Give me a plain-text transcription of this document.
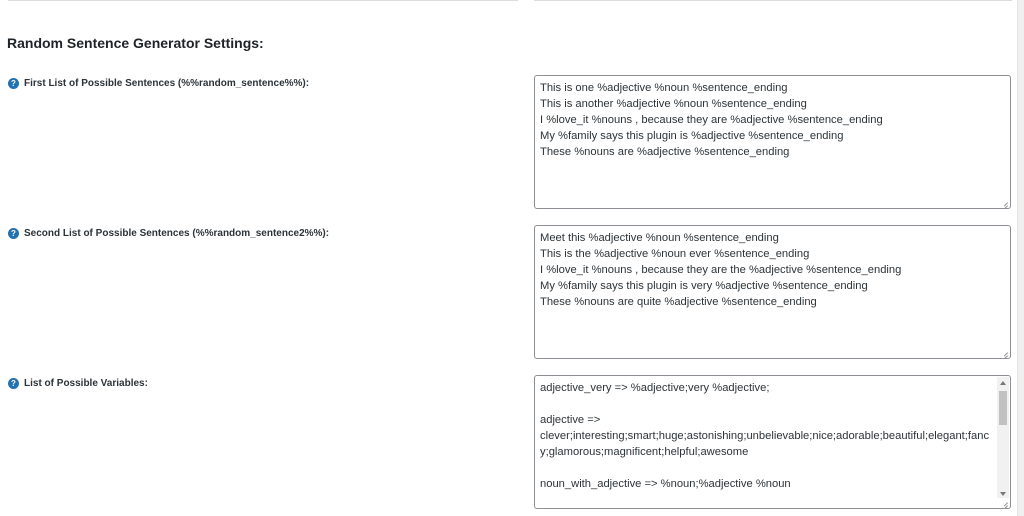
Random Sentence Generator Settings:
? First List of Possible Sentences (%%random_sentence%%):	This is one %adjective %noun %sentence_ending
This is another %adjective %noun %sentence_ending
I %love_it %nouns , because they are %adjective %sentence_ending
My %family says this plugin is %adjective %sentence_ending
These %nouns are %adjective %sentence_ending
? Second List of Possible Sentences (%%random_sentence2%%):	Meet this %adjective %noun %sentence_ending
This is the %adjective %noun ever %sentence_ending
I %love_it %nouns , because they are the %adjective %sentence_ending
My %family says this plugin is very %adjective %sentence_ending
These %nouns are quite %adjective %sentence_ending
? List of Possible Variables:	adjective_very => %adjective;very %adjective;
adjective =>
clever;interesting;smart;huge;astonishing;unbelievable;nice;adorable;beautiful;elegant;fancy;glamorous;magnificent;helpful;awesome
noun_with_adjective => %noun;%adjective %noun
